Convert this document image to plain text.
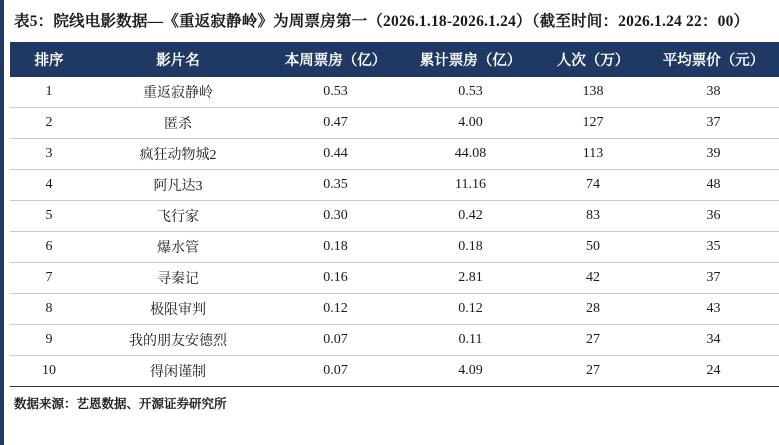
表5：院线电影数据—《重返寂静岭》为周票房第一（2026.1.18-2026.1.24）（截至时间：2026.1.24 22：00）
排序	影片名	本周票房（亿）	累计票房（亿）	人次（万）	平均票价（元）
1	重返寂静岭	0.53	0.53	138	38
2	匿杀	0.47	4.00	127	37
3	疯狂动物城2	0.44	44.08	113	39
4	阿凡达3	0.35	11.16	74	48
5	飞行家	0.30	0.42	83	36
6	爆水管	0.18	0.18	50	35
7	寻秦记	0.16	2.81	42	37
8	极限审判	0.12	0.12	28	43
9	我的朋友安德烈	0.07	0.11	27	34
10	得闲谨制	0.07	4.09	27	24
数据来源：艺恩数据、开源证券研究所
